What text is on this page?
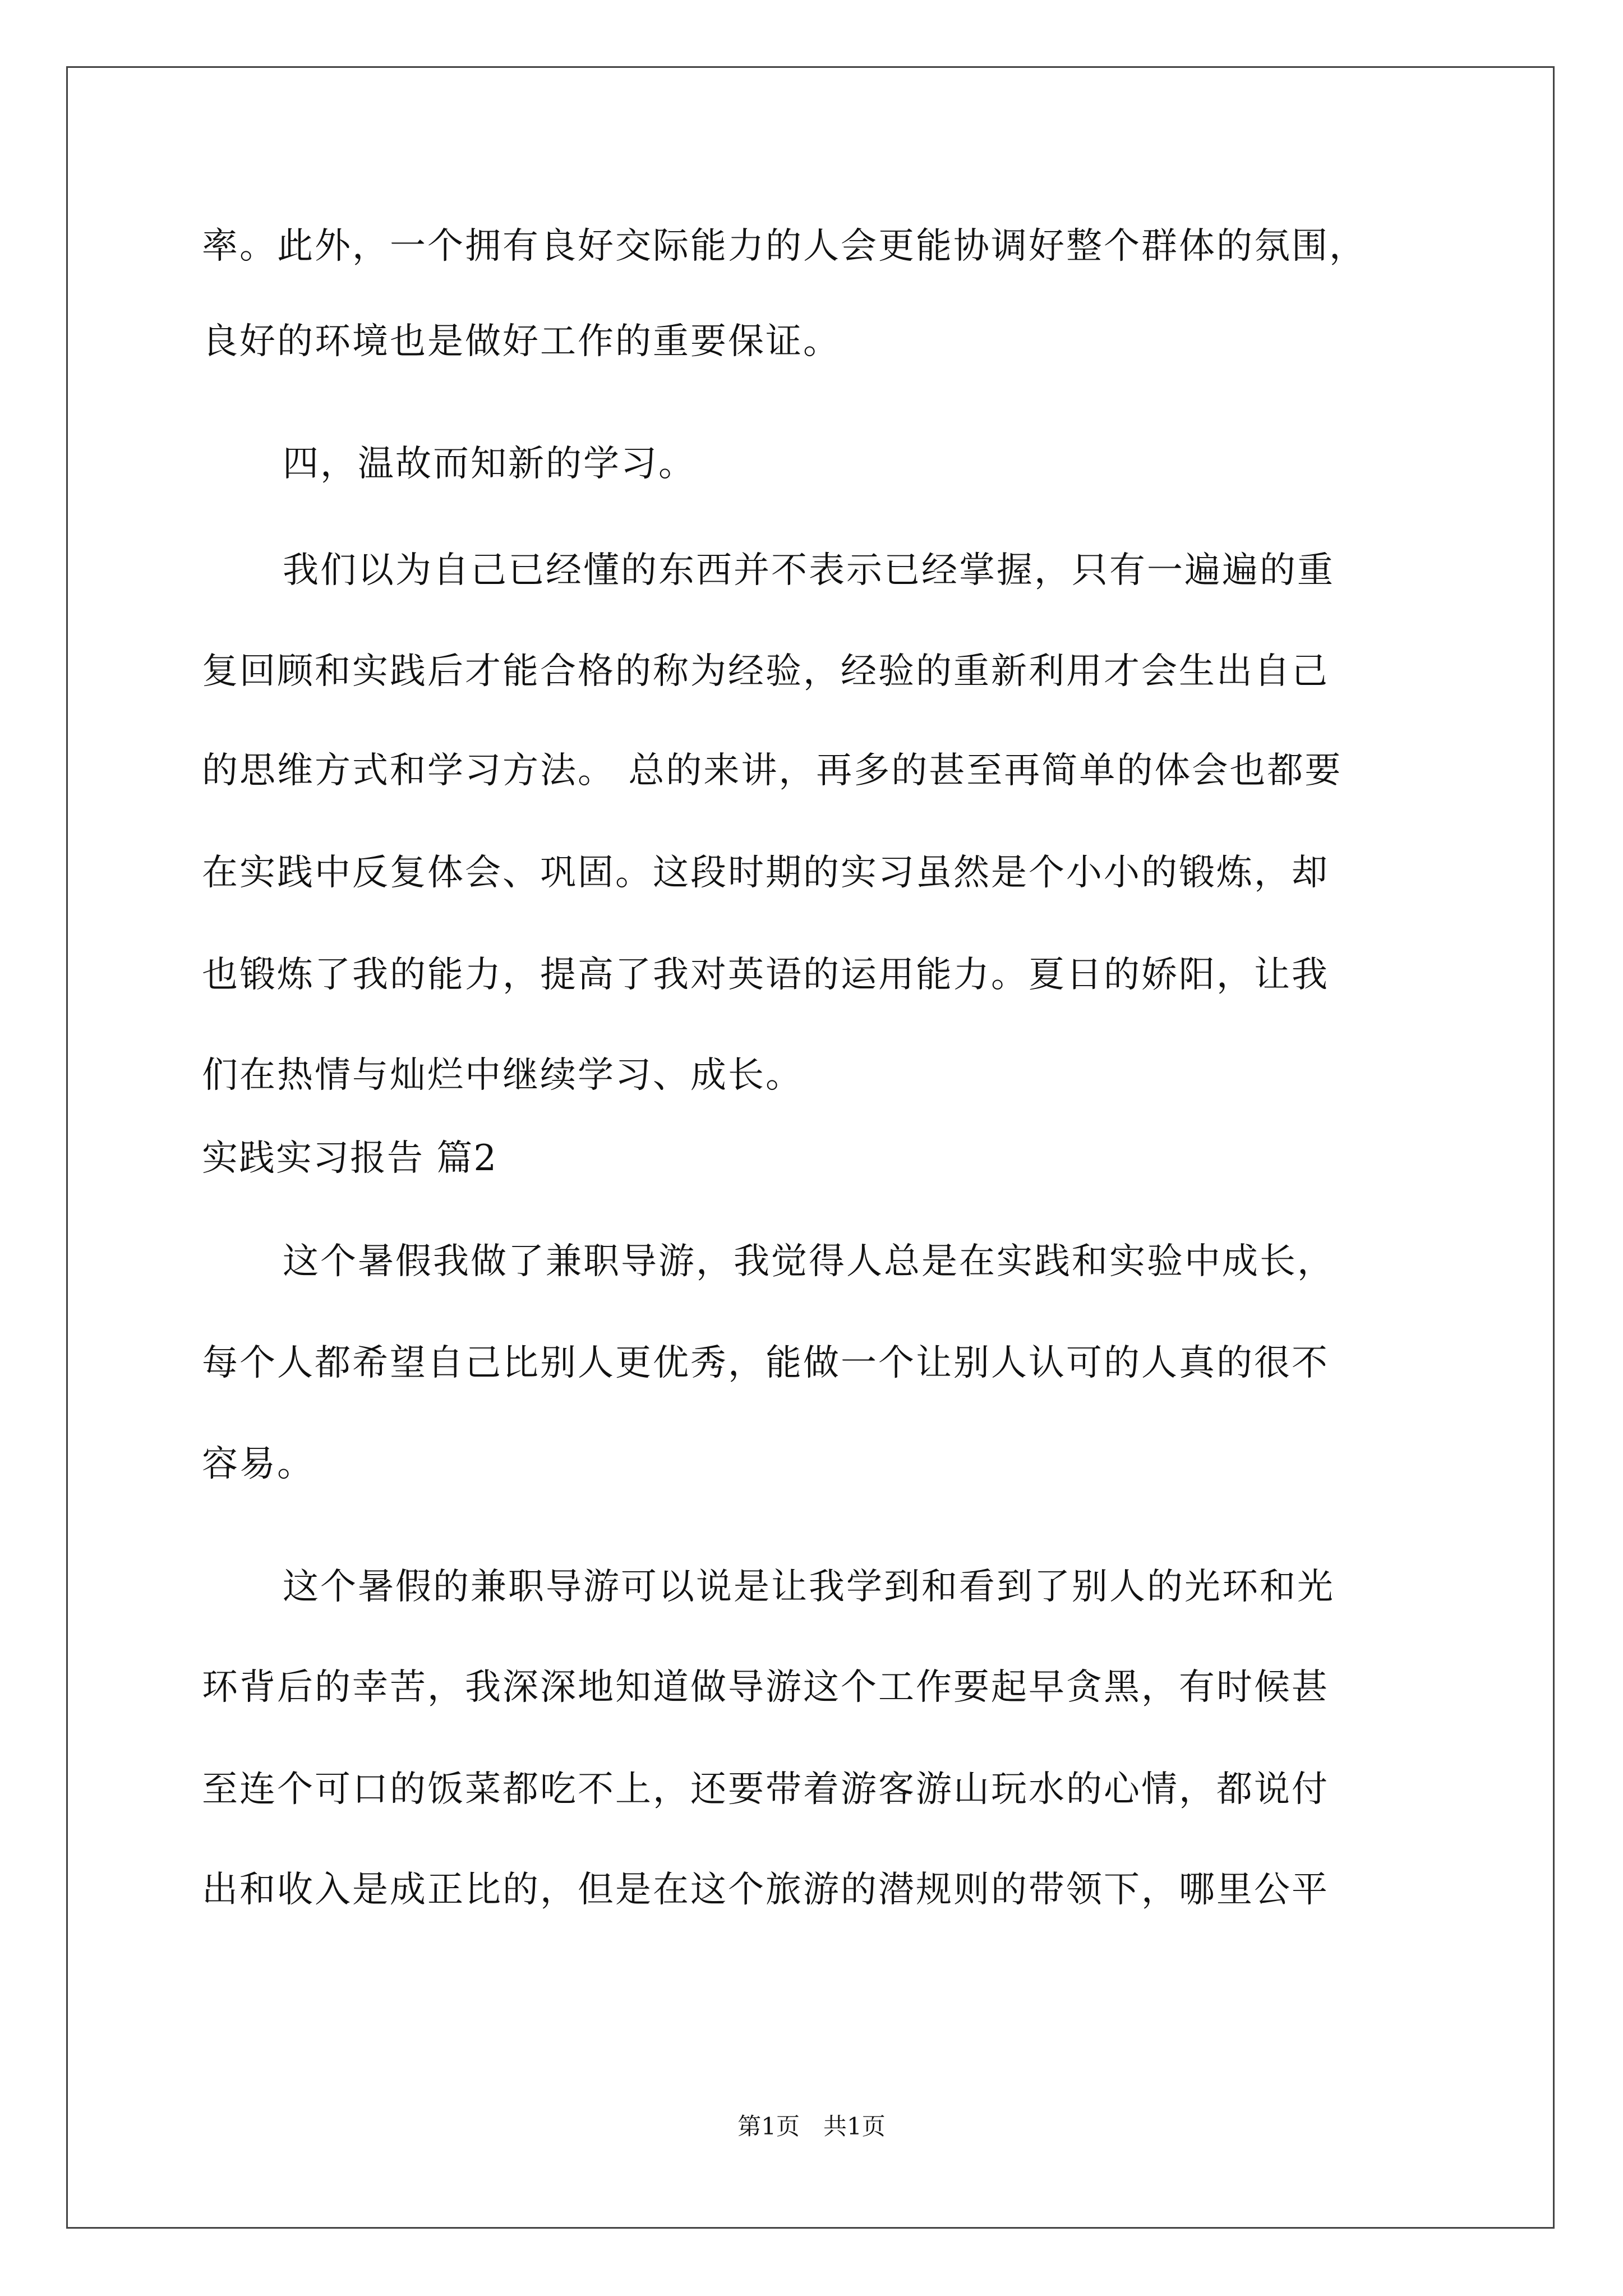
率。此外，一个拥有良好交际能力的人会更能协调好整个群体的氛围，
良好的环境也是做好工作的重要保证。
四，温故而知新的学习。
我们以为自己已经懂的东西并不表示已经掌握，只有一遍遍的重
复回顾和实践后才能合格的称为经验，经验的重新利用才会生出自己
的思维方式和学习方法。 总的来讲，再多的甚至再简单的体会也都要
在实践中反复体会、巩固。这段时期的实习虽然是个小小的锻炼，却
也锻炼了我的能力，提高了我对英语的运用能力。夏日的娇阳，让我
们在热情与灿烂中继续学习、成长。
实践实习报告 篇2
这个暑假我做了兼职导游，我觉得人总是在实践和实验中成长，
每个人都希望自己比别人更优秀，能做一个让别人认可的人真的很不
容易。
这个暑假的兼职导游可以说是让我学到和看到了别人的光环和光
环背后的幸苦，我深深地知道做导游这个工作要起早贪黑，有时候甚
至连个可口的饭菜都吃不上，还要带着游客游山玩水的心情，都说付
出和收入是成正比的，但是在这个旅游的潜规则的带领下，哪里公平
第1页　共1页
